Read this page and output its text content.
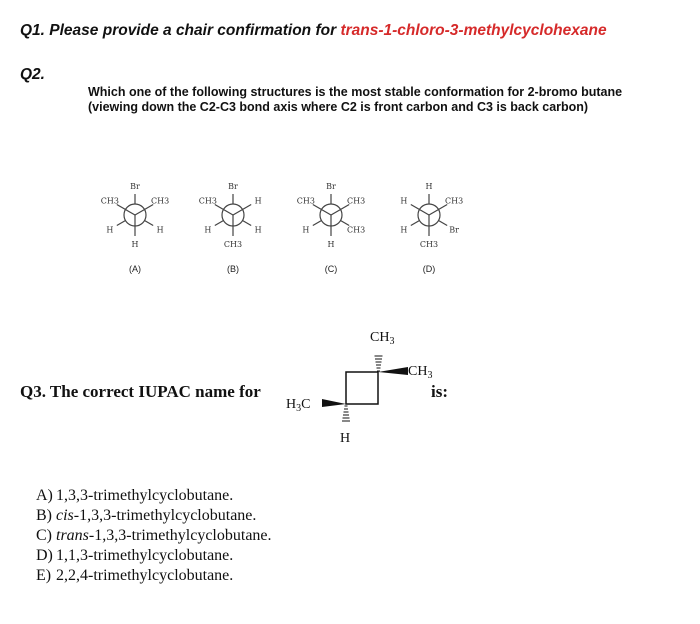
Q1. Please provide a chair confirmation for trans-1-chloro-3-methylcyclohexane
Q2.
Which one of the following structures is the most stable conformation for 2-bromo butane
(viewing down the C2-C3 bond axis where C2 is front carbon and C3 is back carbon)
H
Br
H
CH3
H
CH3
(A)
H
Br
H
CH3
CH3
H
(B)
H
Br
CH3
CH3
H
CH3
(C)
H
H
Br
H
CH3
CH3
(D)
Q3. The correct IUPAC name for
$CH_3$
$CH_3$
$H_3C$
H
is:
A) 1,3,3-trimethylcyclobutane.
B) cis-1,3,3-trimethylcyclobutane.
C) trans-1,3,3-trimethylcyclobutane.
D) 1,1,3-trimethylcyclobutane.
E) 2,2,4-trimethylcyclobutane.
